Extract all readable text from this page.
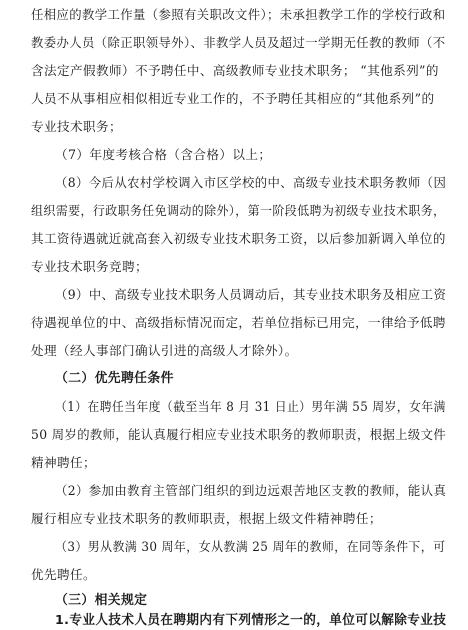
任相应的教学工作量（参照有关职改文件）；未承担教学工作的学校行政和
教委办人员（除正职领导外）、非教学人员及超过一学期无任教的教师（不
含法定产假教师）不予聘任中、高级教师专业技术职务； “其他系列”的
人员不从事相应相似相近专业工作的，不予聘任其相应的“其他系列”的
专业技术职务；
（7）年度考核合格（含合格）以上；
（8）今后从农村学校调入市区学校的中、高级专业技术职务教师（因
组织需要，行政职务任免调动的除外），第一阶段低聘为初级专业技术职务，
其工资待遇就近就高套入初级专业技术职务工资，以后参加新调入单位的
专业技术职务竞聘；
（9）中、高级专业技术职务人员调动后，其专业技术职务及相应工资
待遇视单位的中、高级指标情况而定，若单位指标已用完，一律给予低聘
处理（经人事部门确认引进的高级人才除外）。
（二）优先聘任条件
（1）在聘任当年度（截至当年 8 月 31 日止）男年满 55 周岁，女年满
50 周岁的教师，能认真履行相应专业技术职务的教师职责，根据上级文件
精神聘任；
（2）参加由教育主管部门组织的到边远艰苦地区支教的教师，能认真
履行相应专业技术职务的教师职责，根据上级文件精神聘任；
（3）男从教满 30 周年，女从教满 25 周年的教师，在同等条件下，可
优先聘任。
（三）相关规定
1.专业人技术人员在聘期内有下列情形之一的，单位可以解除专业技
